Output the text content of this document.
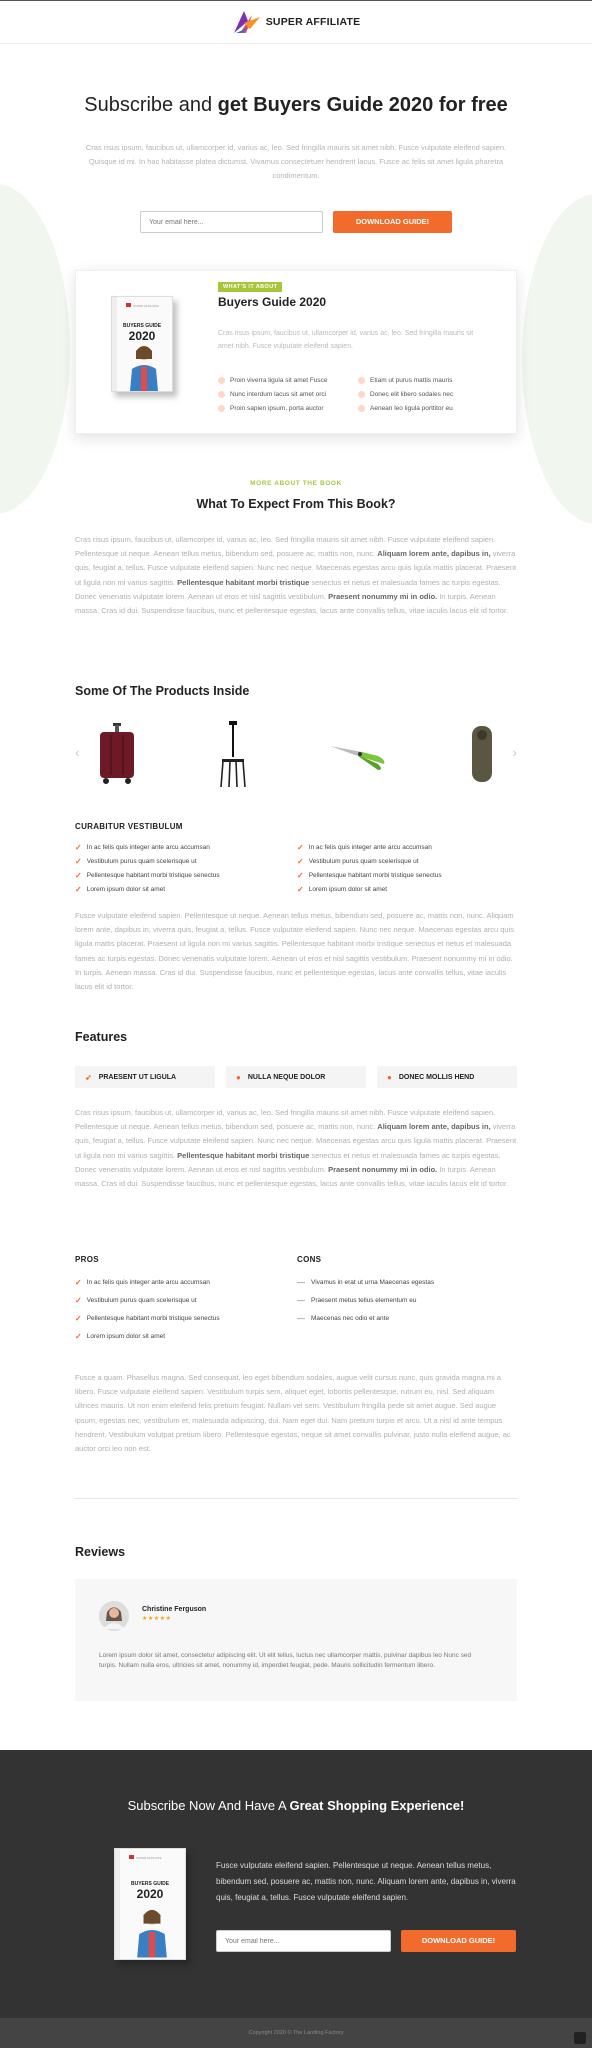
SUPER AFFILIATE
Subscribe and get Buyers Guide 2020 for free

Cras risus ipsum, faucibus ut, ullamcorper id, varius ac, leo. Sed fringilla mauris sit amet nibh. Fusce vulputate eleifend sapien. Quisque id mi. In hac habitasse platea dictumst. Vivamus consectetuer hendrerit lacus. Fusce ac felis sit amet ligula pharetra condimentum.

Your email here...
DOWNLOAD GUIDE!
SUPER AFFILIATE
BUYERS GUIDE
2020
WHAT'S IT ABOUT
Buyers Guide 2020
Cras risus ipsum, faucibus ut, ullamcorper id, varius ac, leo. Sed fringilla mauris sit amet nibh. Fusce vulputate eleifend sapien.
Proin viverra ligula sit amet Fusce	Etiam ut purus mattis mauris
Nunc interdum lacus sit amet orci	Donec elit libero sodales nec
Proin sapien ipsum, porta auctor	Aenean leo ligula porttitor eu
MORE ABOUT THE BOOK
What To Expect From This Book?

Cras risus ipsum, faucibus ut, ullamcorper id, varius ac, leo. Sed fringilla mauris sit amet nibh. Fusce vulputate eleifend sapien. Pellentesque ut neque. Aenean tellus metus, bibendum sed, posuere ac, mattis non, nunc. Aliquam lorem ante, dapibus in, viverra quis, feugiat a, tellus. Fusce vulputate eleifend sapien. Nunc nec neque. Maecenas egestas arcu quis ligula mattis placerat. Praesent ut ligula non mi varius sagittis. Pellentesque habitant morbi tristique senectus et netus et malesuada fames ac turpis egestas. Donec venenatis vulputate lorem. Aenean ut eros et nisl sagittis vestibulum. Praesent nonummy mi in odio. In turpis. Aenean massa. Cras id dui. Suspendisse faucibus, nunc et pellentesque egestas, lacus ante convallis tellus, vitae iaculis lacus elit id tortor.

Some Of The Products Inside
‹	›
CURABITUR VESTIBULUM
✓ In ac felis quis integer ante arcu accumsan	✓ In ac felis quis integer ante arcu accumsan
✓ Vestibulum purus quam scelerisque ut	✓ Vestibulum purus quam scelerisque ut
✓ Pellentesque habitant morbi tristique senectus	✓ Pellentesque habitant morbi tristique senectus
✓ Lorem ipsum dolor sit amet	✓ Lorem ipsum dolor sit amet

Fusce vulputate eleifend sapien. Pellentesque ut neque. Aenean tellus metus, bibendum sed, posuere ac, mattis non, nunc. Aliquam lorem ante, dapibus in, viverra quis, feugiat a, tellus. Fusce vulputate eleifend sapien. Nunc nec neque. Maecenas egestas arcu quis ligula mattis placerat. Praesent ut ligula non mi varius sagittis. Pellentesque habitant morbi tristique senectus et netus et malesuada fames ac turpis egestas. Donec venenatis vulputate lorem. Aenean ut eros et nisl sagittis vestibulum. Praesent nonummy mi in odio. In turpis. Aenean massa. Cras id dui. Suspendisse faucibus, nunc et pellentesque egestas, lacus ante convallis tellus, vitae iaculis lacus elit id tortor.

Features
➶ PRAESENT UT LIGULA	● NULLA NEQUE DOLOR	● DONEC MOLLIS HEND

Cras risus ipsum, faucibus ut, ullamcorper id, varius ac, leo. Sed fringilla mauris sit amet nibh. Fusce vulputate eleifend sapien. Pellentesque ut neque. Aenean tellus metus, bibendum sed, posuere ac, mattis non, nunc. Aliquam lorem ante, dapibus in, viverra quis, feugiat a, tellus. Fusce vulputate eleifend sapien. Nunc nec neque. Maecenas egestas arcu quis ligula mattis placerat. Praesent ut ligula non mi varius sagittis. Pellentesque habitant morbi tristique senectus et netus et malesuada fames ac turpis egestas. Donec venenatis vulputate lorem. Aenean ut eros et nisl sagittis vestibulum. Praesent nonummy mi in odio. In turpis. Aenean massa. Cras id dui. Suspendisse faucibus, nunc et pellentesque egestas, lacus ante convallis tellus, vitae iaculis lacus elit id tortor.

PROS
✓ In ac felis quis integer ante arcu accumsan
✓ Vestibulum purus quam scelerisque ut
✓ Pellentesque habitant morbi tristique senectus
✓ Lorem ipsum dolor sit amet
CONS
— Vivamus in erat ut urna Maecenas egestas
— Praesent metus tellus elementum eu
— Maecenas nec odio et ante

Fusce a quam. Phasellus magna. Sed consequat, leo eget bibendum sodales, augue velit cursus nunc, quis gravida magna mi a libero. Fusce vulputate eleifend sapien. Vestibulum turpis sem, aliquet eget, lobortis pellentesque, rutrum eu, nisl. Sed aliquam ultrices mauris. Ut non enim eleifend felis pretium feugiat. Nullam vel sem. Vestibulum fringilla pede sit amet augue. Sed augue ipsum, egestas nec, vestibulum et, malesuada adipiscing, dui. Nam eget dui. Nam pretium turpis et arcu. Ut a nisl id ante tempus hendrerit. Vestibulum volutpat pretium libero. Pellentesque egestas, neque sit amet convallis pulvinar, justo nulla eleifend augue, ac auctor orci leo non est.

Reviews
Christine Ferguson
★★★★★

Lorem ipsum dolor sit amet, consectetur adipiscing elit. Ut elit tellus, luctus nec ullamcorper mattis, pulvinar dapibus leo Nunc sed turpis. Nullam nulla eros, ultricies sit amet, nonummy id, imperdiet feugiat, pede. Mauris sollicitudin fermentum libero.

Subscribe Now And Have A Great Shopping Experience!
SUPER AFFILIATE
BUYERS GUIDE
2020

Fusce vulputate eleifend sapien. Pellentesque ut neque. Aenean tellus metus, bibendum sed, posuere ac, mattis non, nunc. Aliquam lorem ante, dapibus in, viverra quis, feugiat a, tellus. Fusce vulputate eleifend sapien.

Your email here...
DOWNLOAD GUIDE!
Copyright 2020 © The Landing Factory
